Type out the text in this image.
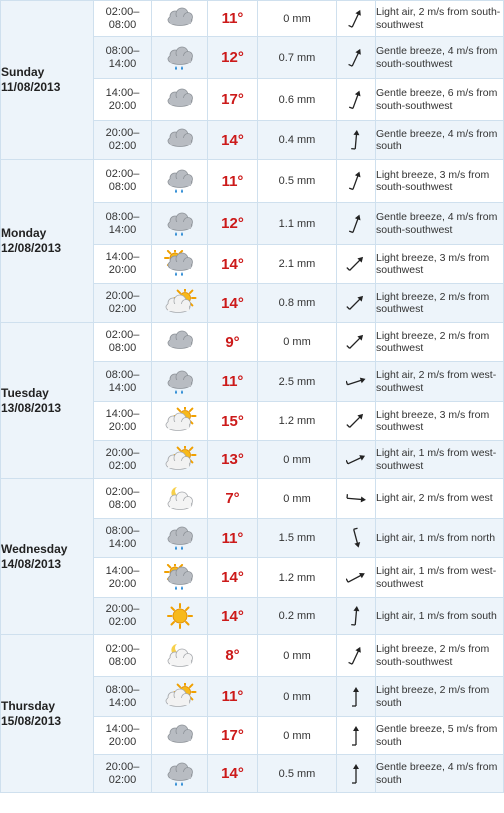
Sunday
11/08/2013	02:00–
08:00		11°	0 mm		Light air, 2 m/s from south-southwest

	08:00–
14:00		12°	0.7 mm		Gentle breeze, 4 m/s from south-southwest

	14:00–
20:00		17°	0.6 mm		Gentle breeze, 6 m/s from south-southwest

	20:00–
02:00		14°	0.4 mm		Gentle breeze, 4 m/s from south

Monday
12/08/2013	02:00–
08:00		11°	0.5 mm		Light breeze, 3 m/s from south-southwest

	08:00–
14:00		12°	1.1 mm		Gentle breeze, 4 m/s from south-southwest

	14:00–
20:00		14°	2.1 mm		Light breeze, 3 m/s from southwest

	20:00–
02:00		14°	0.8 mm		Light breeze, 2 m/s from southwest

Tuesday
13/08/2013	02:00–
08:00		9°	0 mm		Light breeze, 2 m/s from southwest

	08:00–
14:00		11°	2.5 mm		Light air, 2 m/s from west-southwest

	14:00–
20:00		15°	1.2 mm		Light breeze, 3 m/s from southwest

	20:00–
02:00		13°	0 mm		Light air, 1 m/s from west-southwest

Wednesday
14/08/2013	02:00–
08:00		7°	0 mm		Light air, 2 m/s from west

	08:00–
14:00		11°	1.5 mm		Light air, 1 m/s from north

	14:00–
20:00		14°	1.2 mm		Light air, 1 m/s from west-southwest

	20:00–
02:00		14°	0.2 mm		Light air, 1 m/s from south

Thursday
15/08/2013	02:00–
08:00		8°	0 mm		Light breeze, 2 m/s from south-southwest

	08:00–
14:00		11°	0 mm		Light breeze, 2 m/s from south

	14:00–
20:00		17°	0 mm		Gentle breeze, 5 m/s from south

	20:00–
02:00		14°	0.5 mm		Gentle breeze, 4 m/s from south
